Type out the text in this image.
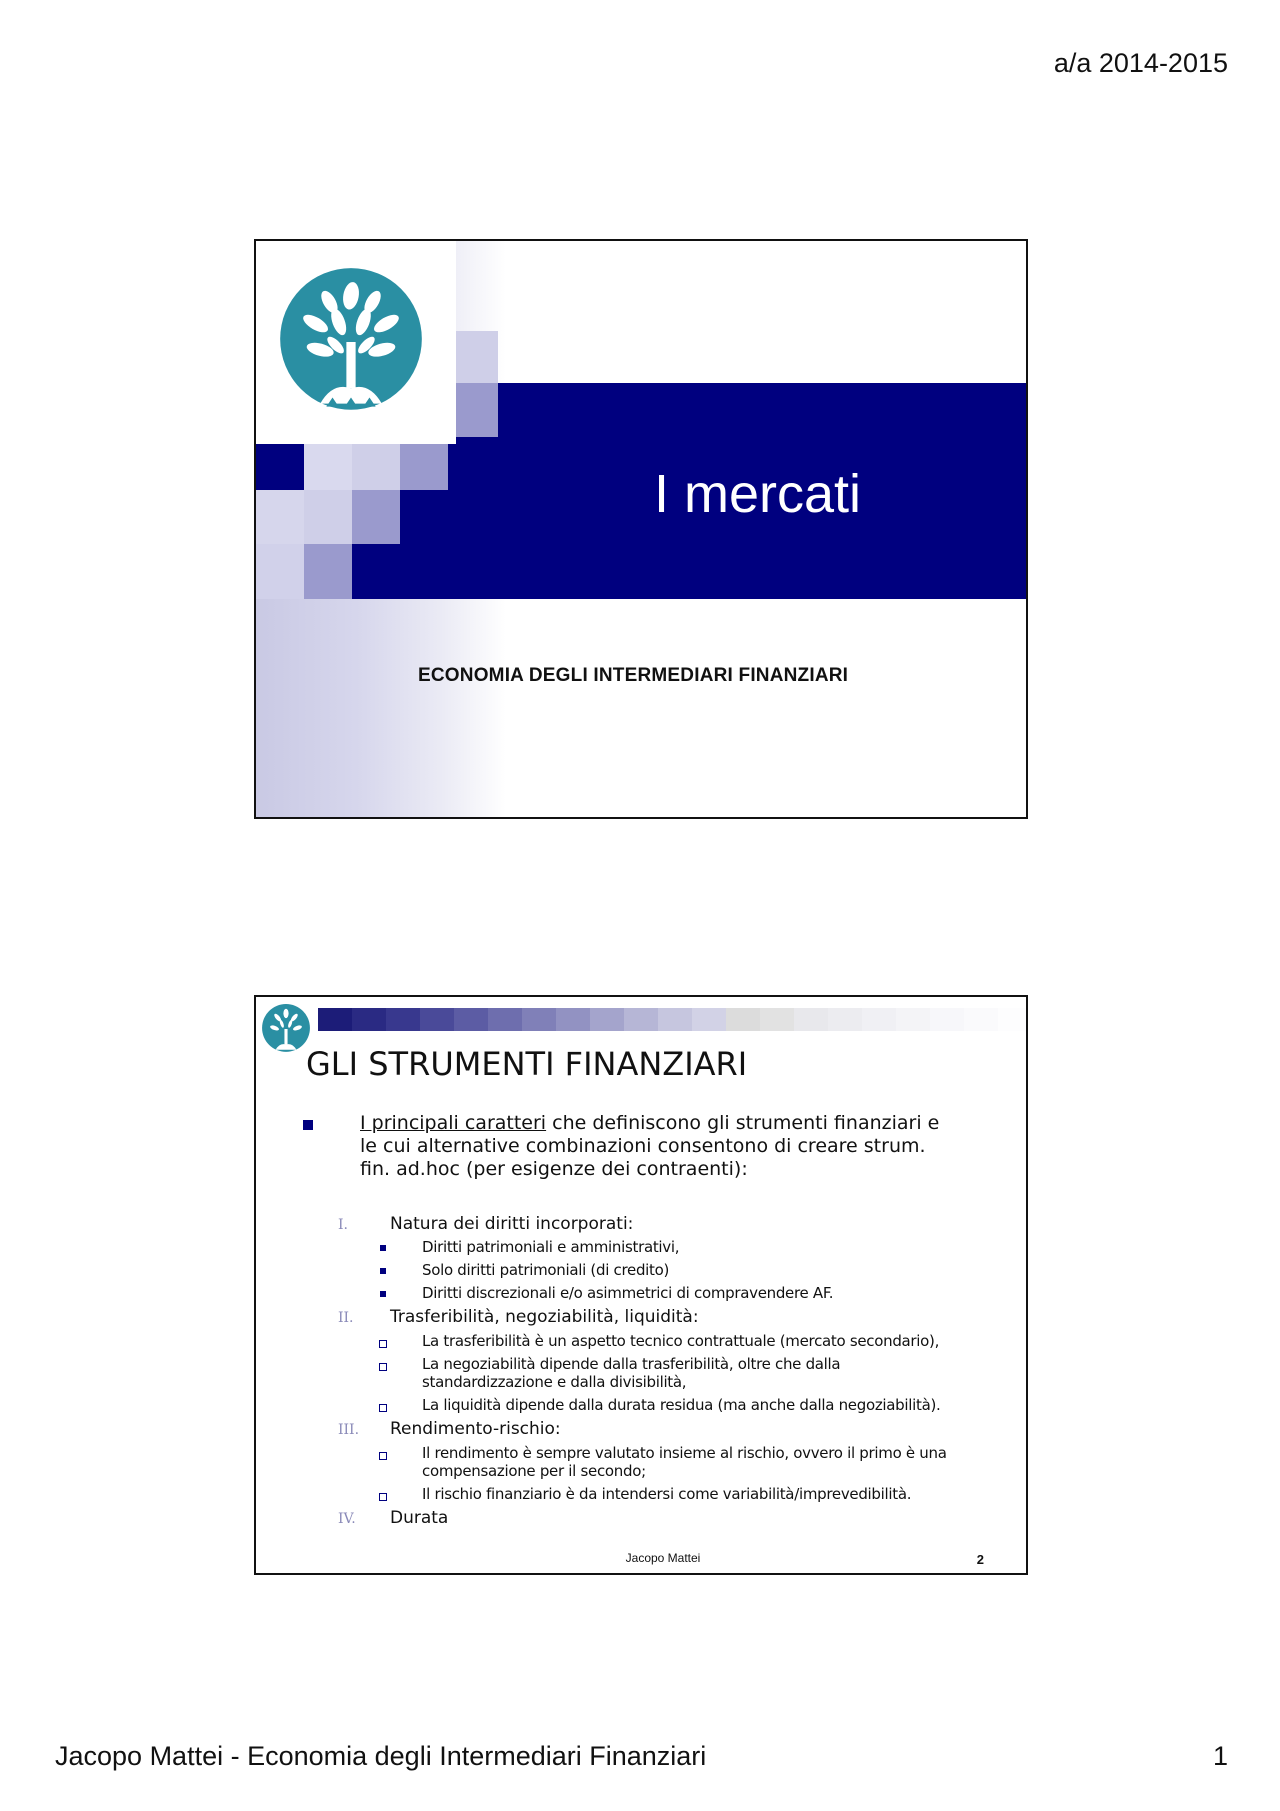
a/a 2014-2015
I mercati
ECONOMIA DEGLI INTERMEDIARI FINANZIARI
GLI STRUMENTI FINANZIARI
I principali caratteri che definiscono gli strumenti finanziari e le cui alternative combinazioni consentono di creare strum. fin. ad.hoc (per esigenze dei contraenti):
I. Natura dei diritti incorporati:
Diritti patrimoniali e amministrativi,
Solo diritti patrimoniali (di credito)
Diritti discrezionali e/o asimmetrici di compravendere AF.
II. Trasferibilità, negoziabilità, liquidità:
La trasferibilità è un aspetto tecnico contrattuale (mercato secondario),
La negoziabilità dipende dalla trasferibilità, oltre che dalla standardizzazione e dalla divisibilità,
La liquidità dipende dalla durata residua (ma anche dalla negoziabilità).
III. Rendimento-rischio:
Il rendimento è sempre valutato insieme al rischio, ovvero il primo è una compensazione per il secondo;
Il rischio finanziario è da intendersi come variabilità/imprevedibilità.
IV. Durata
Jacopo Mattei	2
Jacopo Mattei - Economia degli Intermediari Finanziari	1
